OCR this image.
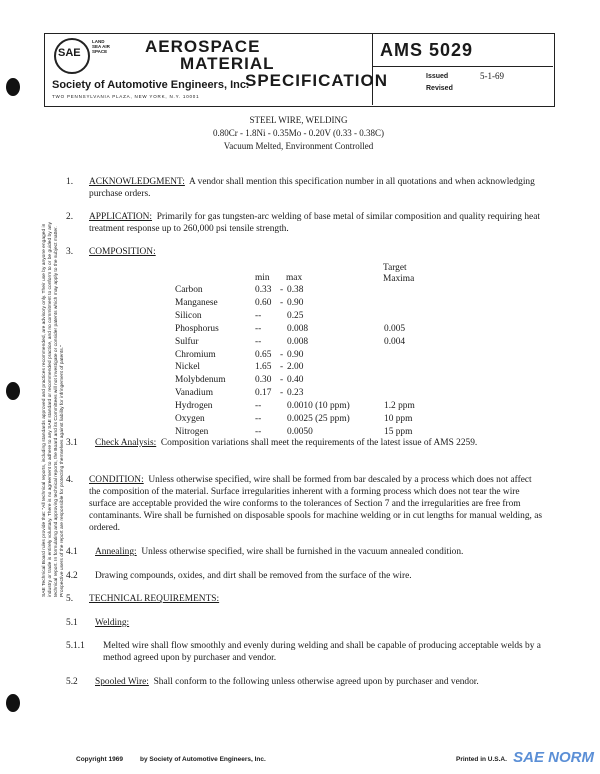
SAE Technical Board rules provide that: "All technical reports, including standards approved and practices recommended, are advisory only. Their use by anyone engaged in industry or trade is entirely voluntary. There is no agreement to adhere to any SAE standard or recommended practice, and no commitment to conform to or be guided by any technical report. In formulating and approving technical reports, the Board and its Committees will not investigate or consider patents which may apply to the subject matter. Prospective users of the report are responsible for protecting themselves against liability for infringement of patents."
SAE
LAND SEA AIR SPACE AEROSPACE
MATERIAL
SPECIFICATION
Society of Automotive Engineers, Inc.
TWO PENNSYLVANIA PLAZA, NEW YORK, N.Y. 10001
AMS 5029
Issued	5-1-69
Revised
STEEL WIRE, WELDING
0.80Cr - 1.8Ni - 0.35Mo - 0.20V (0.33 - 0.38C)
Vacuum Melted, Environment Controlled
1. ACKNOWLEDGMENT: A vendor shall mention this specification number in all quotations and when acknowledging purchase orders.
2. APPLICATION: Primarily for gas tungsten-arc welding of base metal of similar composition and quality requiring heat treatment response up to 260,000 psi tensile strength.
3. COMPOSITION:
min max
Target
Maxima
Carbon	0.33 - 0.38
Manganese	0.60 - 0.90
Silicon	--	0.25
Phosphorus	--	0.008	0.005
Sulfur	--	0.008	0.004
Chromium	0.65 - 0.90
Nickel	1.65 - 2.00
Molybdenum	0.30 - 0.40
Vanadium	0.17 - 0.23
Hydrogen	--	0.0010 (10 ppm)	1.2 ppm
Oxygen	--	0.0025 (25 ppm)	10 ppm
Nitrogen	--	0.0050	15 ppm
3.1 Check Analysis: Composition variations shall meet the requirements of the latest issue of AMS 2259.
4. CONDITION: Unless otherwise specified, wire shall be formed from bar descaled by a process which does not affect the composition of the material. Surface irregularities inherent with a forming process which does not tear the wire surface are acceptable provided the wire conforms to the tolerances of Section 7 and the irregularities are free from contaminants. Wire shall be furnished on disposable spools for machine welding or in cut lengths for manual welding, as ordered.
4.1 Annealing: Unless otherwise specified, wire shall be furnished in the vacuum annealed condition.
4.2 Drawing compounds, oxides, and dirt shall be removed from the surface of the wire.
5. TECHNICAL REQUIREMENTS:
5.1 Welding:
5.1.1 Melted wire shall flow smoothly and evenly during welding and shall be capable of producing acceptable welds by a method agreed upon by purchaser and vendor.
5.2 Spooled Wire: Shall conform to the following unless otherwise agreed upon by purchaser and vendor.
Copyright 1969	by Society of Automotive Engineers, Inc.	Printed in U.S.A. SAE NORM
